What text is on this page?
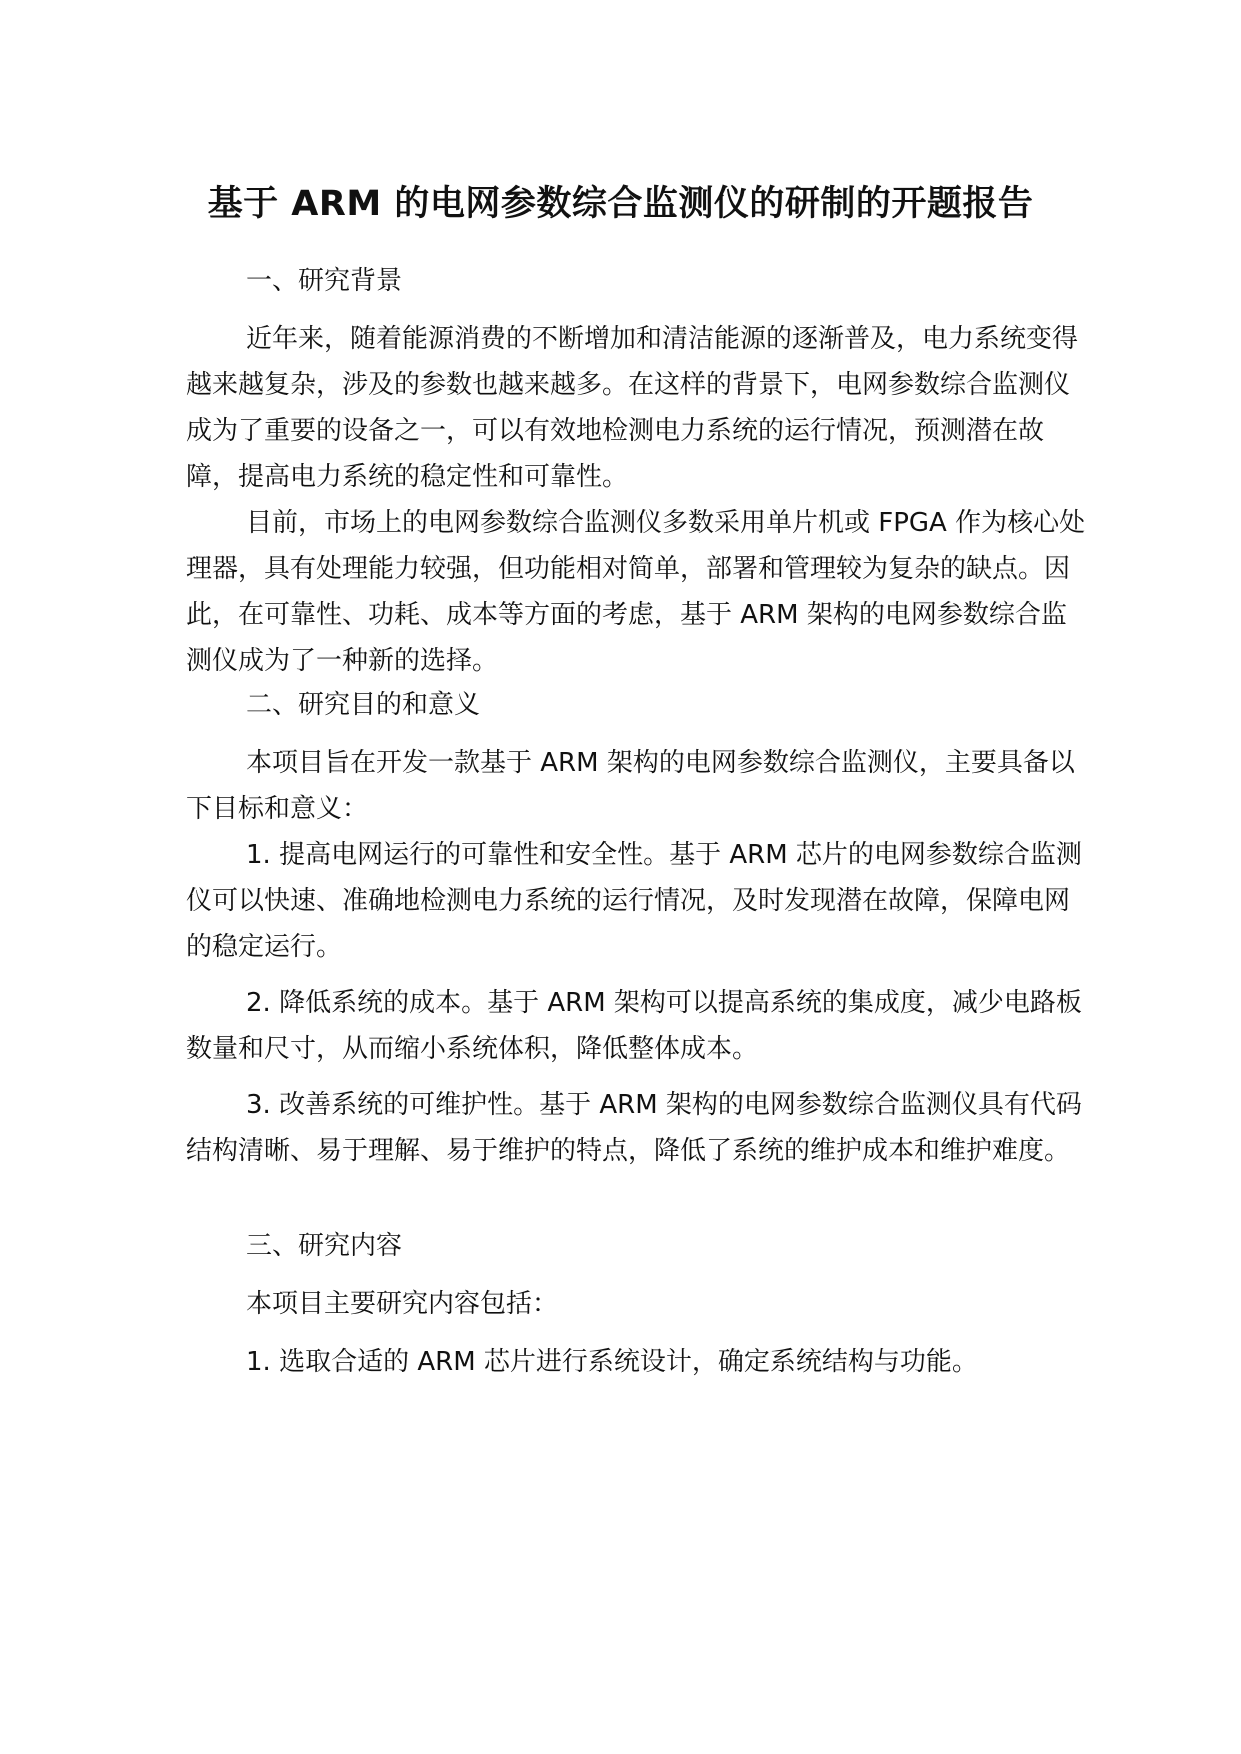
基于 ARM 的电网参数综合监测仪的研制的开题报告

一、研究背景

近年来，随着能源消费的不断增加和清洁能源的逐渐普及，电力系统变得越来越复杂，涉及的参数也越来越多。在这样的背景下，电网参数综合监测仪成为了重要的设备之一，可以有效地检测电力系统的运行情况，预测潜在故障，提高电力系统的稳定性和可靠性。

目前，市场上的电网参数综合监测仪多数采用单片机或 FPGA 作为核心处理器，具有处理能力较强，但功能相对简单，部署和管理较为复杂的缺点。因此，在可靠性、功耗、成本等方面的考虑，基于 ARM 架构的电网参数综合监测仪成为了一种新的选择。

二、研究目的和意义

本项目旨在开发一款基于 ARM 架构的电网参数综合监测仪，主要具备以下目标和意义：

1. 提高电网运行的可靠性和安全性。基于 ARM 芯片的电网参数综合监测仪可以快速、准确地检测电力系统的运行情况，及时发现潜在故障，保障电网的稳定运行。

2. 降低系统的成本。基于 ARM 架构可以提高系统的集成度，减少电路板数量和尺寸，从而缩小系统体积，降低整体成本。

3. 改善系统的可维护性。基于 ARM 架构的电网参数综合监测仪具有代码结构清晰、易于理解、易于维护的特点，降低了系统的维护成本和维护难度。

三、研究内容

本项目主要研究内容包括：

1. 选取合适的 ARM 芯片进行系统设计，确定系统结构与功能。
